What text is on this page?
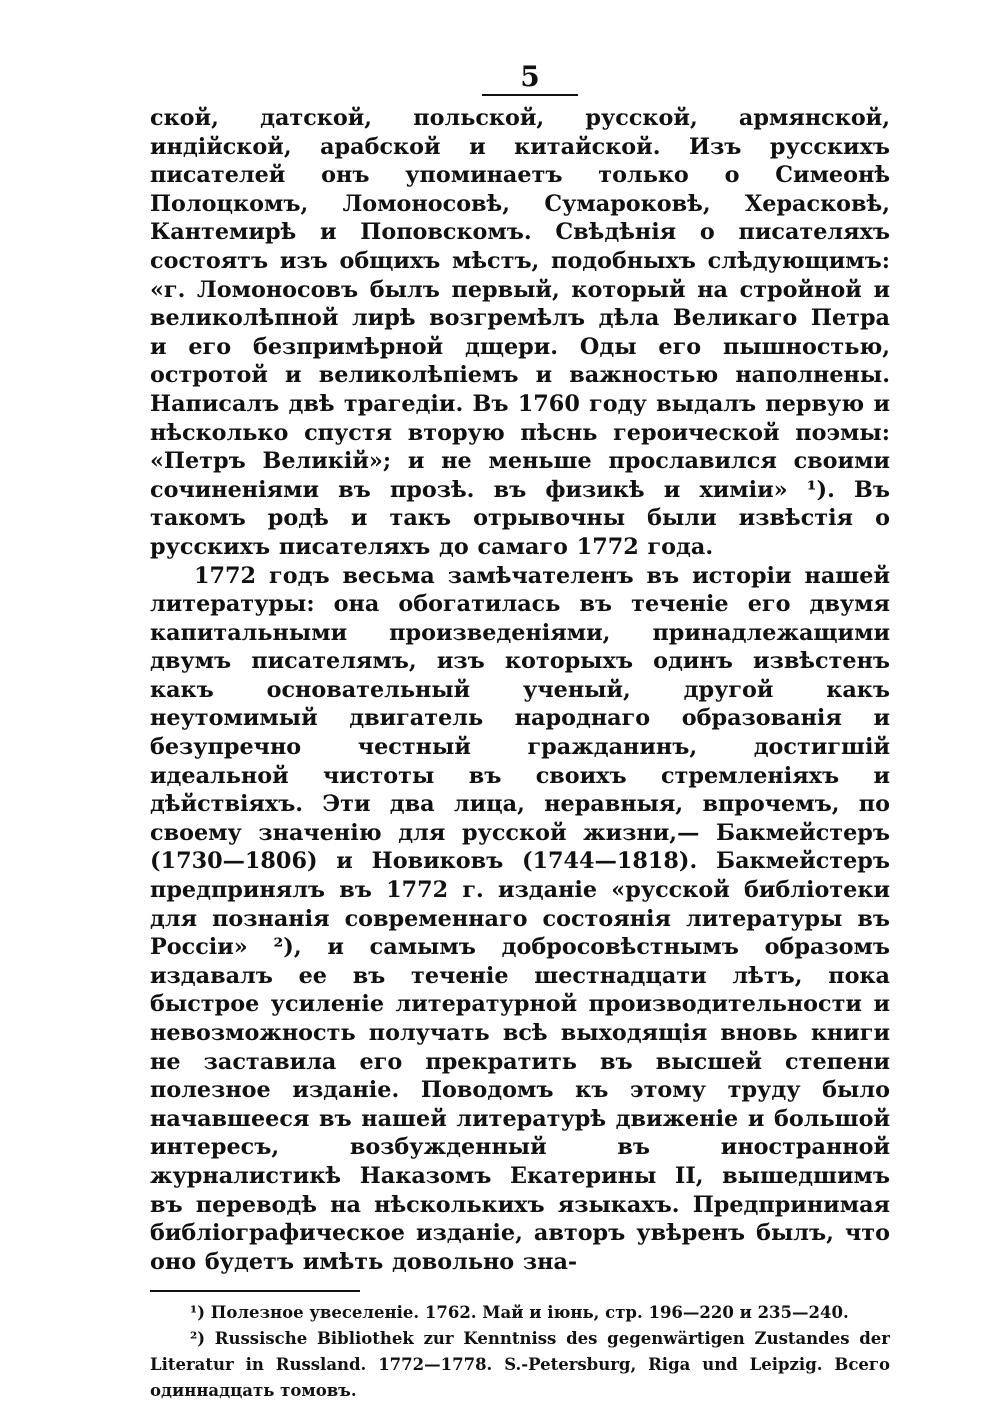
5

ской, датской, польской, русской, армянской, индійской, арабской и китайской. Изъ русскихъ писателей онъ упоминаетъ только о Симеонѣ Полоцкомъ, Ломоносовѣ, Сумароковѣ, Херасковѣ, Кантемирѣ и Поповскомъ. Свѣдѣнія о писателяхъ состоятъ изъ общихъ мѣстъ, подобныхъ слѣдующимъ: «г. Ломоносовъ былъ первый, который на стройной и великолѣпной лирѣ возгремѣлъ дѣла Великаго Петра и его безпримѣрной дщери. Оды его пышностью, остротой и великолѣпіемъ и важностью наполнены. Написалъ двѣ трагедіи. Въ 1760 году выдалъ первую и нѣсколько спустя вторую пѣснь героической поэмы: «Петръ Великій»; и не меньше прославился своими сочиненіями въ прозѣ. въ физикѣ и химіи» ¹). Въ такомъ родѣ и такъ отрывочны были извѣстія о русскихъ писателяхъ до самаго 1772 года.

1772 годъ весьма замѣчателенъ въ исторіи нашей литературы: она обогатилась въ теченіе его двумя капитальными произведеніями, принадлежащими двумъ писателямъ, изъ которыхъ одинъ извѣстенъ какъ основательный ученый, другой какъ неутомимый двигатель народнаго образованія и безупречно честный гражданинъ, достигшій идеальной чистоты въ своихъ стремленіяхъ и дѣйствіяхъ. Эти два лица, неравныя, впрочемъ, по своему значенію для русской жизни,— Бакмейстеръ (1730—1806) и Новиковъ (1744—1818). Бакмейстеръ предпринялъ въ 1772 г. изданіе «русской библіотеки для познанія современнаго состоянія литературы въ Россіи» ²), и самымъ добросовѣстнымъ образомъ издавалъ ее въ теченіе шестнадцати лѣтъ, пока быстрое усиленіе литературной производительности и невозможность получать всѣ выходящія вновь книги не заставила его прекратить въ высшей степени полезное изданіе. Поводомъ къ этому труду было начавшееся въ нашей литературѣ движеніе и большой интересъ, возбужденный въ иностранной журналистикѣ Наказомъ Екатерины II, вышедшимъ въ переводѣ на нѣсколькихъ языкахъ. Предпринимая библіографическое изданіе, авторъ увѣренъ былъ, что оно будетъ имѣть довольно зна-

¹) Полезное увеселеніе. 1762. Май и іюнь, стр. 196—220 и 235—240.

²) Russische Bibliothek zur Kenntniss des gegenwärtigen Zustandes der Literatur in Russland. 1772—1778. S.-Petersburg, Riga und Leipzig. Всего одиннадцать томовъ.
